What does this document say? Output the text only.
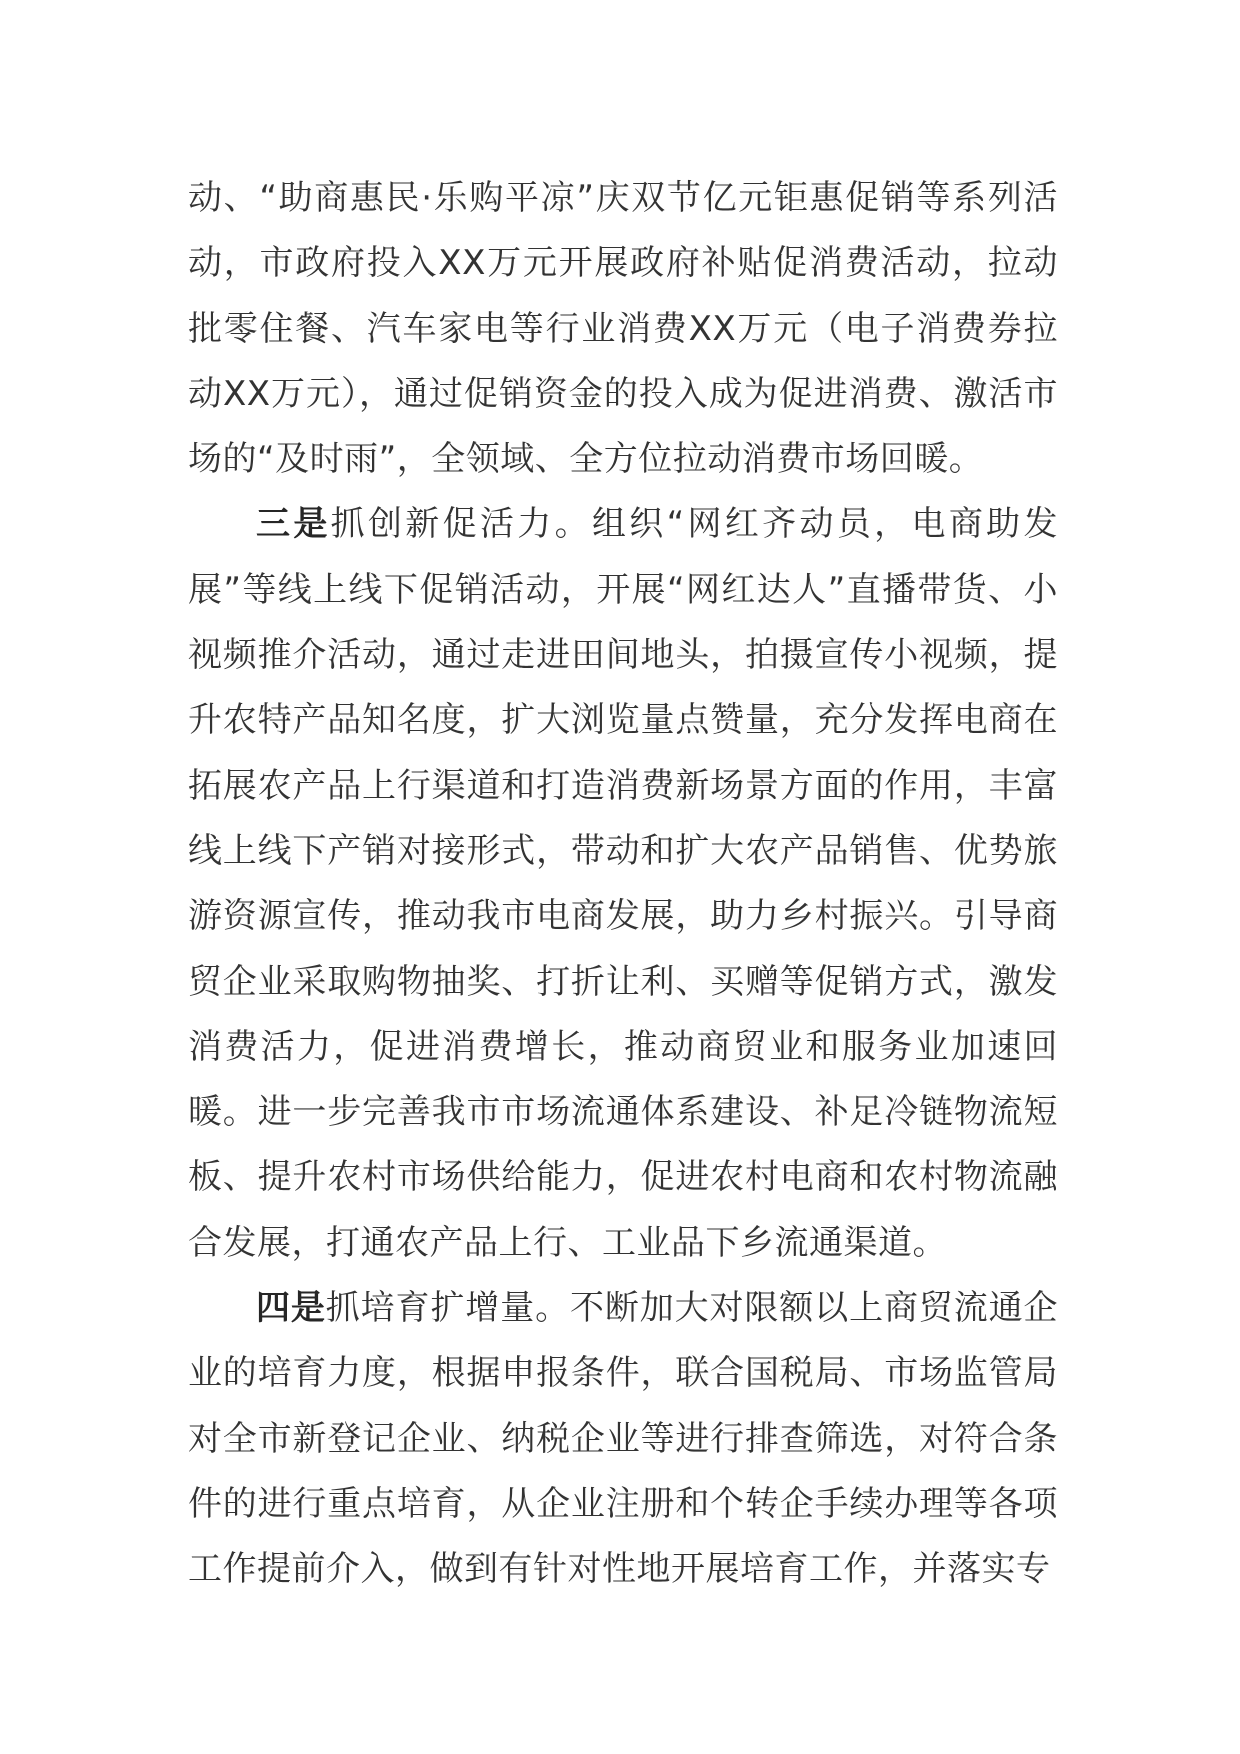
动、“助商惠民·乐购平凉”庆双节亿元钜惠促销等系列活动，市政府投入XX万元开展政府补贴促消费活动，拉动批零住餐、汽车家电等行业消费XX万元（电子消费券拉动XX万元），通过促销资金的投入成为促进消费、激活市场的“及时雨”，全领域、全方位拉动消费市场回暖。

三是抓创新促活力。组织“网红齐动员，电商助发展”等线上线下促销活动，开展“网红达人”直播带货、小视频推介活动，通过走进田间地头，拍摄宣传小视频，提升农特产品知名度，扩大浏览量点赞量，充分发挥电商在拓展农产品上行渠道和打造消费新场景方面的作用，丰富线上线下产销对接形式，带动和扩大农产品销售、优势旅游资源宣传，推动我市电商发展，助力乡村振兴。引导商贸企业采取购物抽奖、打折让利、买赠等促销方式，激发消费活力，促进消费增长，推动商贸业和服务业加速回暖。进一步完善我市市场流通体系建设、补足冷链物流短板、提升农村市场供给能力，促进农村电商和农村物流融合发展，打通农产品上行、工业品下乡流通渠道。

四是抓培育扩增量。不断加大对限额以上商贸流通企业的培育力度，根据申报条件，联合国税局、市场监管局对全市新登记企业、纳税企业等进行排查筛选，对符合条件的进行重点培育，从企业注册和个转企手续办理等各项工作提前介入，做到有针对性地开展培育工作，并落实专
